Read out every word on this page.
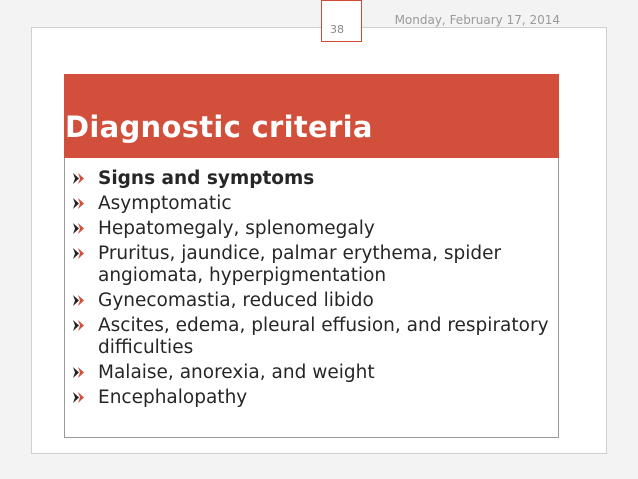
38
Monday, February 17, 2014
Diagnostic criteria
Signs and symptoms
Asymptomatic
Hepatomegaly, splenomegaly
Pruritus, jaundice, palmar erythema, spider angiomata, hyperpigmentation
Gynecomastia, reduced libido
Ascites, edema, pleural effusion, and respiratory difficulties
Malaise, anorexia, and weight
Encephalopathy
